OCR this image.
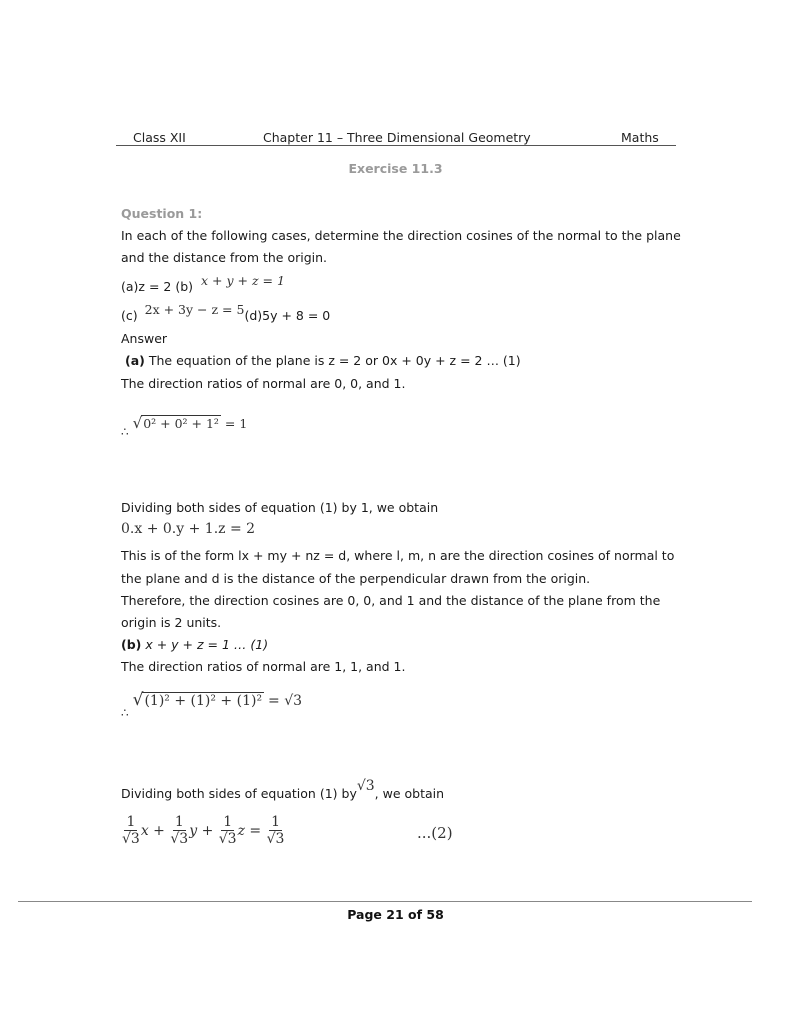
Class XII	Chapter 11 – Three Dimensional Geometry	Maths
Exercise 11.3
Question 1:
In each of the following cases, determine the direction cosines of the normal to the plane
and the distance from the origin.
(a)z = 2 (b) x + y + z = 1
(c) 2x + 3y − z = 5(d)5y + 8 = 0
Answer
(a) The equation of the plane is z = 2 or 0x + 0y + z = 2 … (1)
The direction ratios of normal are 0, 0, and 1.
∴ √0² + 0² + 1² = 1
Dividing both sides of equation (1) by 1, we obtain
0.x + 0.y + 1.z = 2
This is of the form lx + my + nz = d, where l, m, n are the direction cosines of normal to
the plane and d is the distance of the perpendicular drawn from the origin.
Therefore, the direction cosines are 0, 0, and 1 and the distance of the plane from the
origin is 2 units.
(b) x + y + z = 1 … (1)
The direction ratios of normal are 1, 1, and 1.
∴ √(1)² + (1)² + (1)² = √3
Dividing both sides of equation (1) by√3, we obtain
$\frac{1}{√3}$ $x + \frac{1}{√3}$ $y + \frac{1}{√3}$ $z = \frac{1}{√3}$	...(2)
Page 21 of 58
